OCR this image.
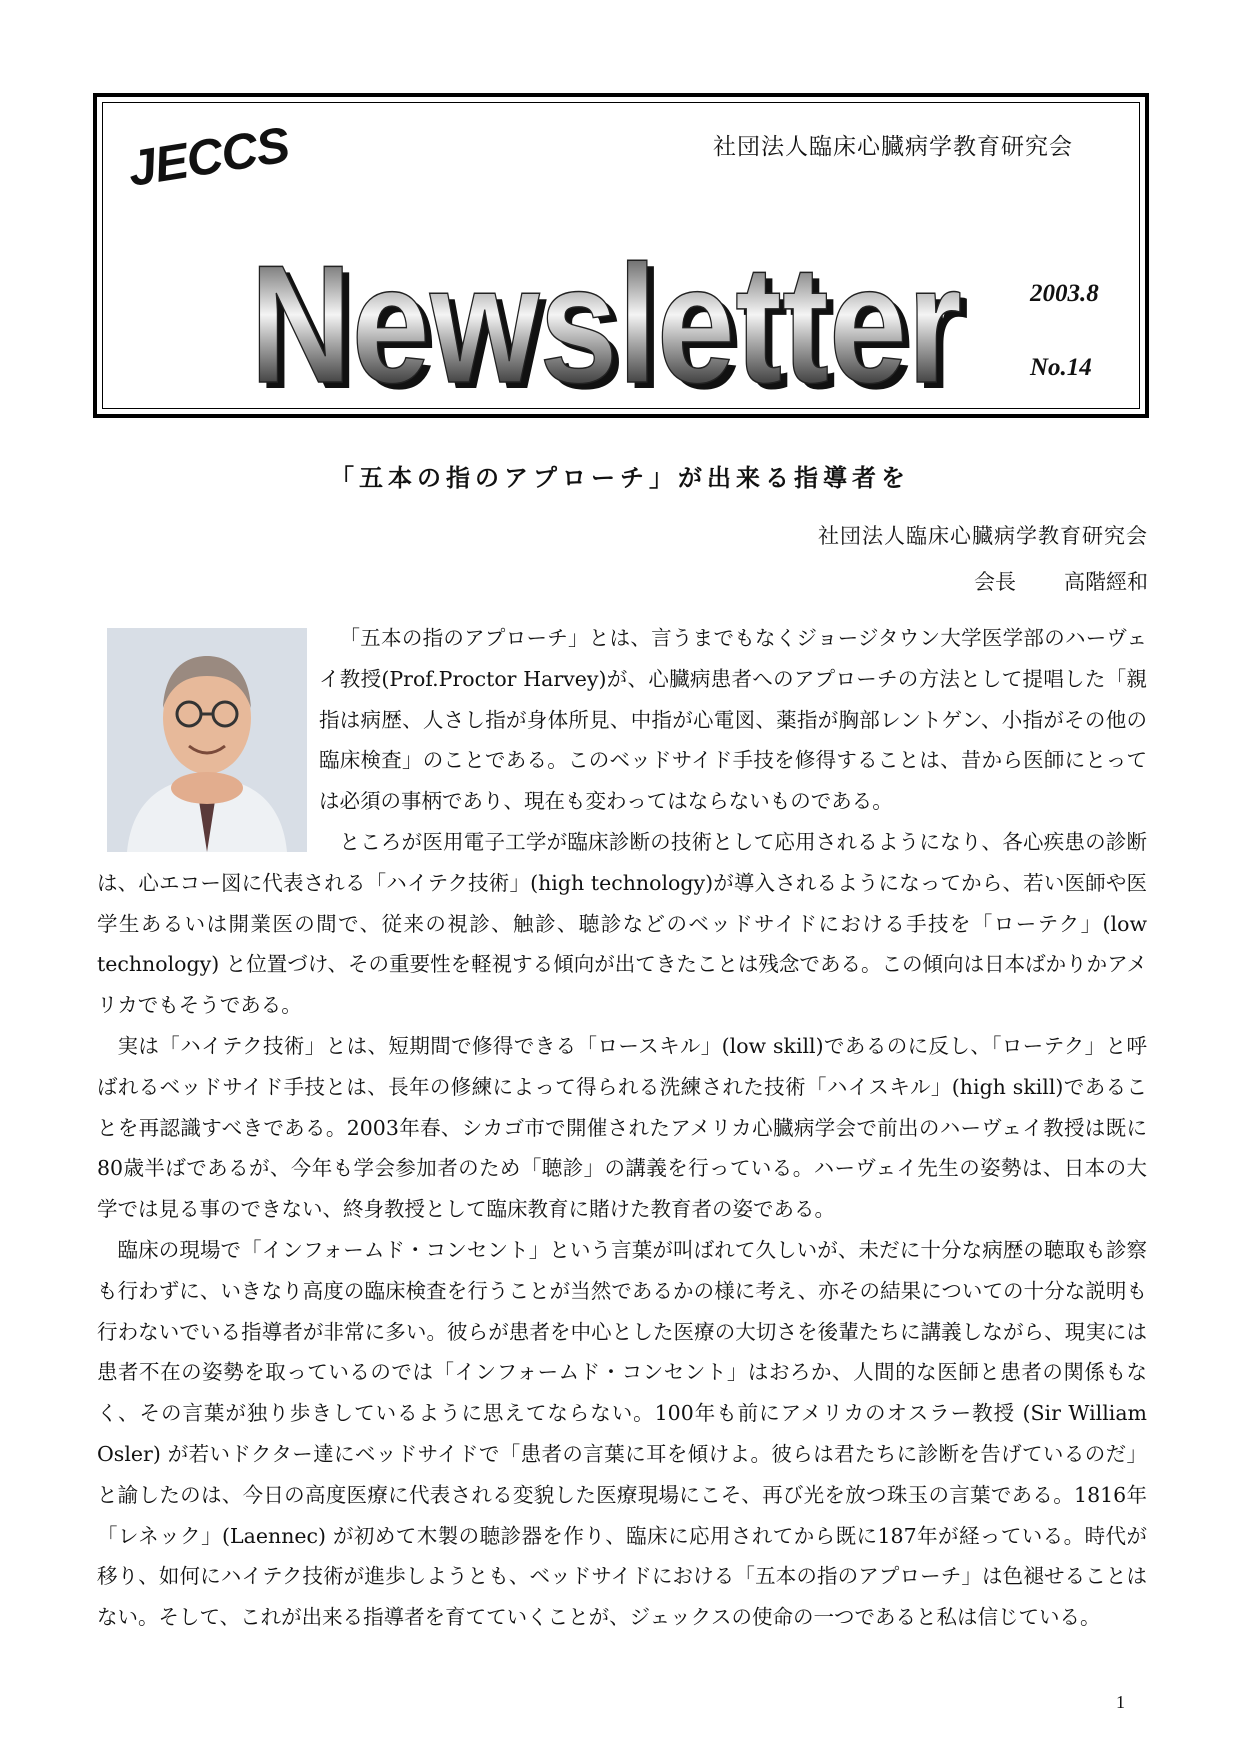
社団法人臨床心臓病学教育研究会
JECCS
Newsletter
Newsletter	2003.8
No.14
「五本の指のアプローチ」が出来る指導者を
社団法人臨床心臓病学教育研究会
会長 高階經和

「五本の指のアプローチ」とは、言うまでもなくジョージタウン大学医学部のハーヴェイ教授(Prof.Proctor Harvey)が、心臓病患者へのアプローチの方法として提唱した「親指は病歴、人さし指が身体所見、中指が心電図、薬指が胸部レントゲン、小指がその他の臨床検査」のことである。このベッドサイド手技を修得することは、昔から医師にとっては必須の事柄であり、現在も変わってはならないものである。

ところが医用電子工学が臨床診断の技術として応用されるようになり、各心疾患の診断は、心エコー図に代表される「ハイテク技術」(high technology)が導入されるようになってから、若い医師や医学生あるいは開業医の間で、従来の視診、触診、聴診などのベッドサイドにおける手技を「ローテク」(low technology) と位置づけ、その重要性を軽視する傾向が出てきたことは残念である。この傾向は日本ばかりかアメリカでもそうである。

実は「ハイテク技術」とは、短期間で修得できる「ロースキル」(low skill)であるのに反し、「ローテク」と呼ばれるベッドサイド手技とは、長年の修練によって得られる洗練された技術「ハイスキル」(high skill)であることを再認識すべきである。2003年春、シカゴ市で開催されたアメリカ心臓病学会で前出のハーヴェイ教授は既に80歳半ばであるが、今年も学会参加者のため「聴診」の講義を行っている。ハーヴェイ先生の姿勢は、日本の大学では見る事のできない、終身教授として臨床教育に賭けた教育者の姿である。

臨床の現場で「インフォームド・コンセント」という言葉が叫ばれて久しいが、未だに十分な病歴の聴取も診察も行わずに、いきなり高度の臨床検査を行うことが当然であるかの様に考え、亦その結果についての十分な説明も行わないでいる指導者が非常に多い。彼らが患者を中心とした医療の大切さを後輩たちに講義しながら、現実には患者不在の姿勢を取っているのでは「インフォームド・コンセント」はおろか、人間的な医師と患者の関係もなく、その言葉が独り歩きしているように思えてならない。100年も前にアメリカのオスラー教授 (Sir William Osler) が若いドクター達にベッドサイドで「患者の言葉に耳を傾けよ。彼らは君たちに診断を告げているのだ」と諭したのは、今日の高度医療に代表される変貌した医療現場にこそ、再び光を放つ珠玉の言葉である。1816年「レネック」(Laennec) が初めて木製の聴診器を作り、臨床に応用されてから既に187年が経っている。時代が移り、如何にハイテク技術が進歩しようとも、ベッドサイドにおける「五本の指のアプローチ」は色褪せることはない。そして、これが出来る指導者を育てていくことが、ジェックスの使命の一つであると私は信じている。

1
